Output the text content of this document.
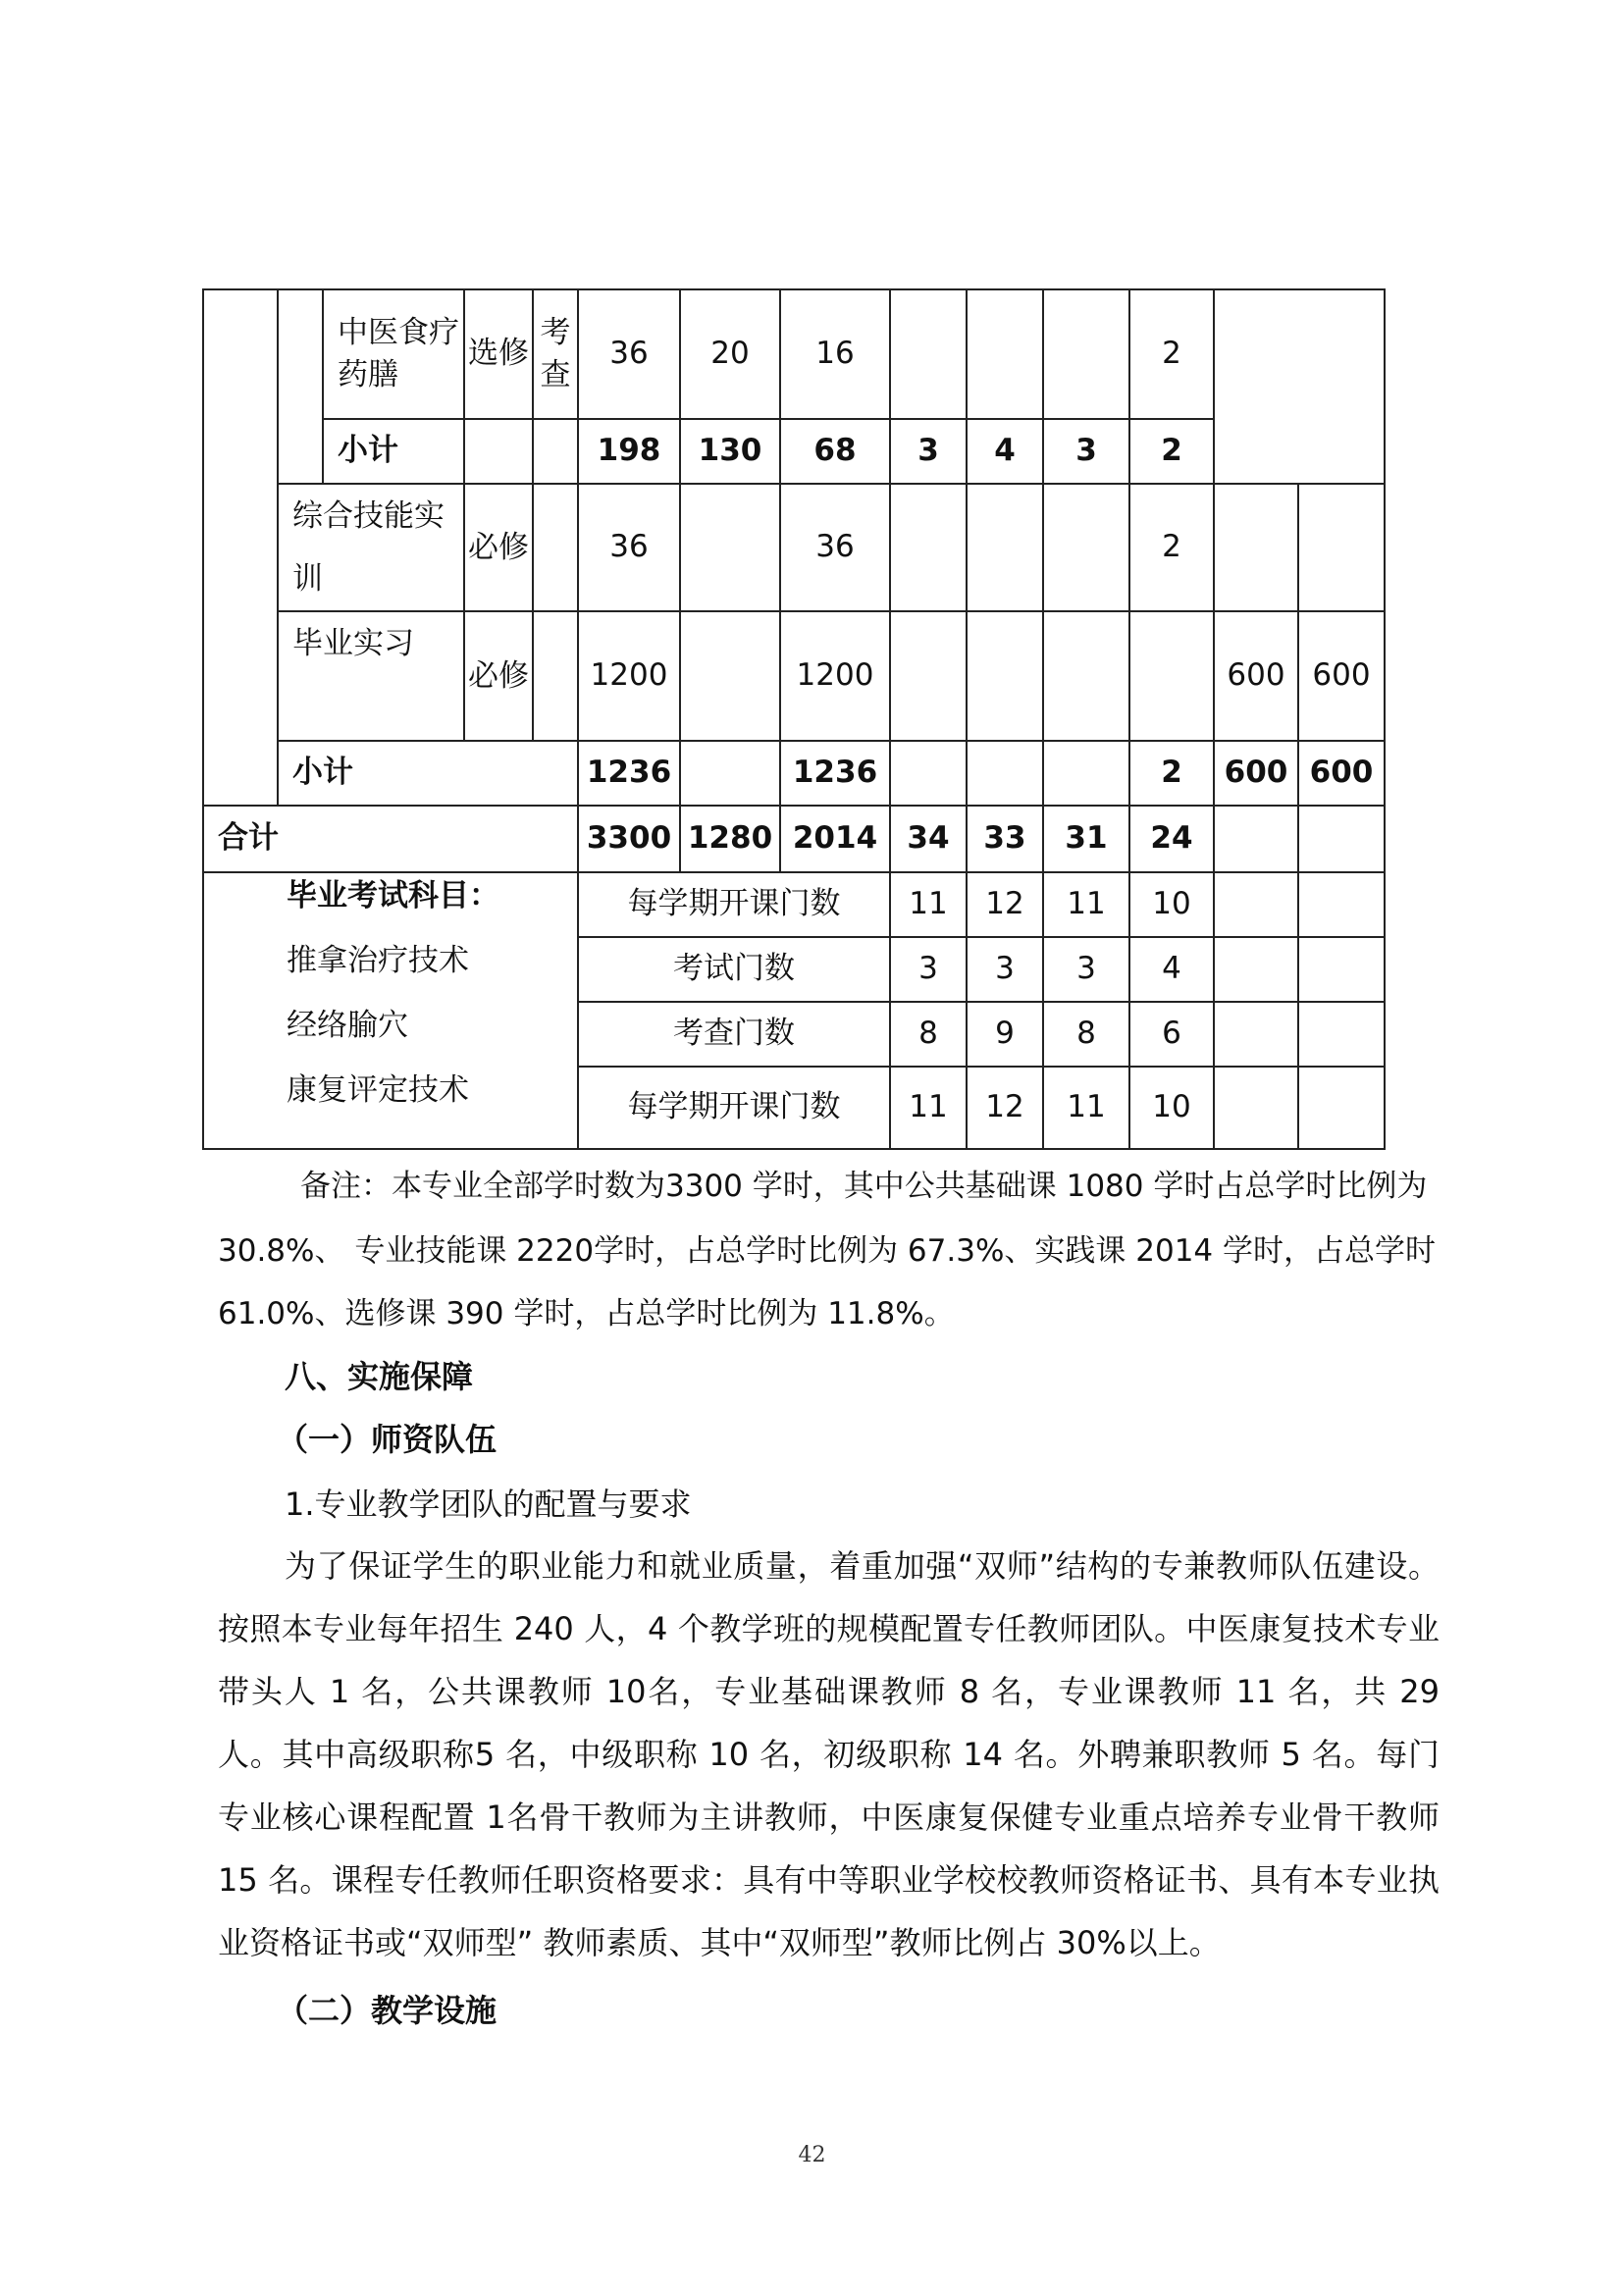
		中医食疗药膳	选修	考查	36	20	16				2		
		小计			198	130	68	3	4	3	2		
	综合技能实训		必修		36		36				2		
	毕业实习		必修		1200		1200					600	600
	小计				1236		1236				2	600	600
合计					3300	1280	2014	34	33	31	24		

毕业考试科目：
推拿治疗技术
经络腧穴
康复评定技术					每学期开课门数			11	12	11	10		
					考试门数			3	3	3	4		
					考查门数			8	9	8	6		
					每学期开课门数			11	12	11	10		
备注：本专业全部学时数为3300 学时，其中公共基础课 1080 学时占总学时比例为
30.8%、 专业技能课 2220学时，占总学时比例为 67.3%、实践课 2014 学时，占总学时
61.0%、选修课 390 学时，占总学时比例为 11.8%。
八、实施保障
（一）师资队伍
1.专业教学团队的配置与要求
为了保证学生的职业能力和就业质量，着重加强“双师”结构的专兼教师队伍建设。按照本专业每年招生 240 人，4 个教学班的规模配置专任教师团队。中医康复技术专业带头人 1 名，公共课教师 10名，专业基础课教师 8 名，专业课教师 11 名，共 29 人。其中高级职称5 名，中级职称 10 名，初级职称 14 名。外聘兼职教师 5 名。每门专业核心课程配置 1名骨干教师为主讲教师，中医康复保健专业重点培养专业骨干教师 15 名。课程专任教师任职资格要求：具有中等职业学校校教师资格证书、具有本专业执业资格证书或“双师型” 教师素质、其中“双师型”教师比例占 30%以上。
（二）教学设施
42
